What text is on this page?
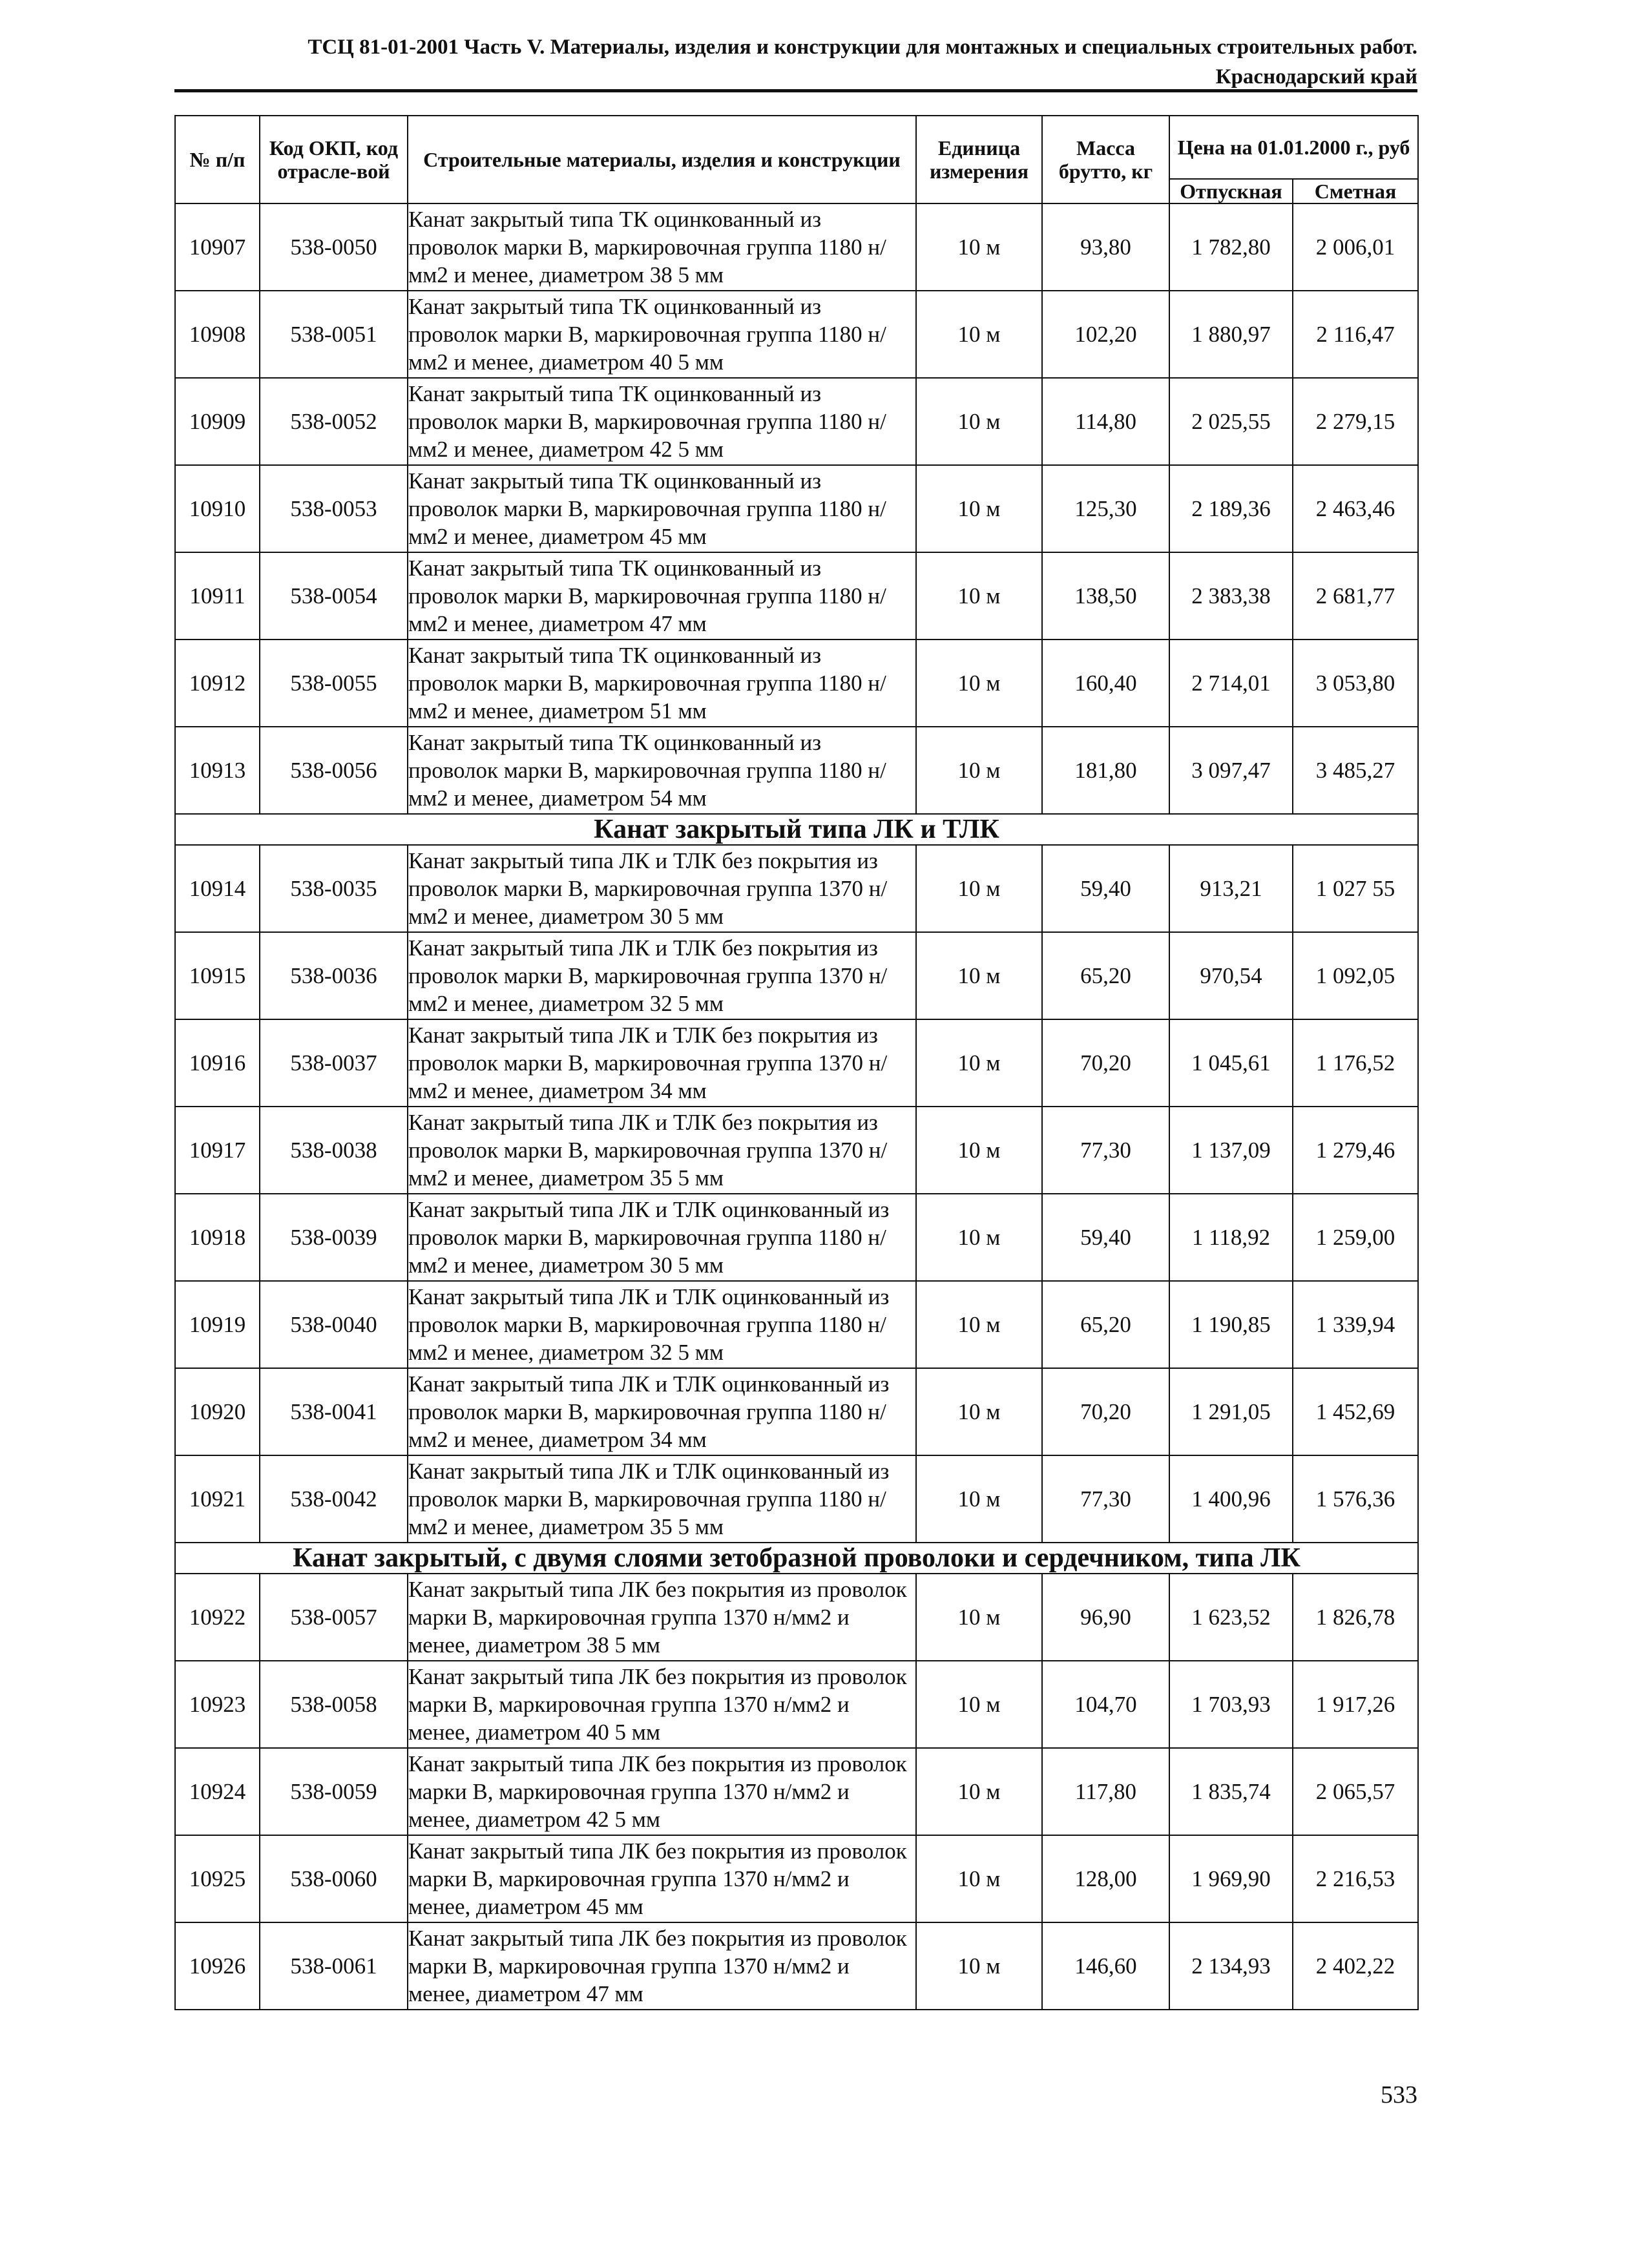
ТСЦ 81-01-2001 Часть V. Материалы, изделия и конструкции для монтажных и специальных строительных работ.
Краснодарский край
№ п/п	Код ОКП, код отрасле-вой	Строительные материалы, изделия и конструкции	Единица измерения	Масса брутто, кг	Цена на 01.01.2000 г., руб	
					Отпускная	Сметная
10907	538-0050	Канат закрытый типа ТК оцинкованный из проволок марки В, маркировочная группа 1180 н/мм2 и менее, диаметром 38 5 мм	10 м	93,80	1 782,80	2 006,01
10908	538-0051	Канат закрытый типа ТК оцинкованный из проволок марки В, маркировочная группа 1180 н/мм2 и менее, диаметром 40 5 мм	10 м	102,20	1 880,97	2 116,47
10909	538-0052	Канат закрытый типа ТК оцинкованный из проволок марки В, маркировочная группа 1180 н/мм2 и менее, диаметром 42 5 мм	10 м	114,80	2 025,55	2 279,15
10910	538-0053	Канат закрытый типа ТК оцинкованный из проволок марки В, маркировочная группа 1180 н/мм2 и менее, диаметром 45 мм	10 м	125,30	2 189,36	2 463,46
10911	538-0054	Канат закрытый типа ТК оцинкованный из проволок марки В, маркировочная группа 1180 н/мм2 и менее, диаметром 47 мм	10 м	138,50	2 383,38	2 681,77
10912	538-0055	Канат закрытый типа ТК оцинкованный из проволок марки В, маркировочная группа 1180 н/мм2 и менее, диаметром 51 мм	10 м	160,40	2 714,01	3 053,80
10913	538-0056	Канат закрытый типа ТК оцинкованный из проволок марки В, маркировочная группа 1180 н/мм2 и менее, диаметром 54 мм	10 м	181,80	3 097,47	3 485,27
Канат закрытый типа ЛК и ТЛК						
10914	538-0035	Канат закрытый типа ЛК и ТЛК без покрытия из проволок марки В, маркировочная группа 1370 н/мм2 и менее, диаметром 30 5 мм	10 м	59,40	913,21	1 027 55
10915	538-0036	Канат закрытый типа ЛК и ТЛК без покрытия из проволок марки В, маркировочная группа 1370 н/мм2 и менее, диаметром 32 5 мм	10 м	65,20	970,54	1 092,05
10916	538-0037	Канат закрытый типа ЛК и ТЛК без покрытия из проволок марки В, маркировочная группа 1370 н/мм2 и менее, диаметром 34 мм	10 м	70,20	1 045,61	1 176,52
10917	538-0038	Канат закрытый типа ЛК и ТЛК без покрытия из проволок марки В, маркировочная группа 1370 н/мм2 и менее, диаметром 35 5 мм	10 м	77,30	1 137,09	1 279,46
10918	538-0039	Канат закрытый типа ЛК и ТЛК оцинкованный из проволок марки В, маркировочная группа 1180 н/мм2 и менее, диаметром 30 5 мм	10 м	59,40	1 118,92	1 259,00
10919	538-0040	Канат закрытый типа ЛК и ТЛК оцинкованный из проволок марки В, маркировочная группа 1180 н/мм2 и менее, диаметром 32 5 мм	10 м	65,20	1 190,85	1 339,94
10920	538-0041	Канат закрытый типа ЛК и ТЛК оцинкованный из проволок марки В, маркировочная группа 1180 н/мм2 и менее, диаметром 34 мм	10 м	70,20	1 291,05	1 452,69
10921	538-0042	Канат закрытый типа ЛК и ТЛК оцинкованный из проволок марки В, маркировочная группа 1180 н/мм2 и менее, диаметром 35 5 мм	10 м	77,30	1 400,96	1 576,36
Канат закрытый, с двумя слоями зетобразной проволоки и сердечником, типа ЛК						
10922	538-0057	Канат закрытый типа ЛК без покрытия из проволок марки В, маркировочная группа 1370 н/мм2 и менее, диаметром 38 5 мм	10 м	96,90	1 623,52	1 826,78
10923	538-0058	Канат закрытый типа ЛК без покрытия из проволок марки В, маркировочная группа 1370 н/мм2 и менее, диаметром 40 5 мм	10 м	104,70	1 703,93	1 917,26
10924	538-0059	Канат закрытый типа ЛК без покрытия из проволок марки В, маркировочная группа 1370 н/мм2 и менее, диаметром 42 5 мм	10 м	117,80	1 835,74	2 065,57
10925	538-0060	Канат закрытый типа ЛК без покрытия из проволок марки В, маркировочная группа 1370 н/мм2 и менее, диаметром 45 мм	10 м	128,00	1 969,90	2 216,53
10926	538-0061	Канат закрытый типа ЛК без покрытия из проволок марки В, маркировочная группа 1370 н/мм2 и менее, диаметром 47 мм	10 м	146,60	2 134,93	2 402,22
533
